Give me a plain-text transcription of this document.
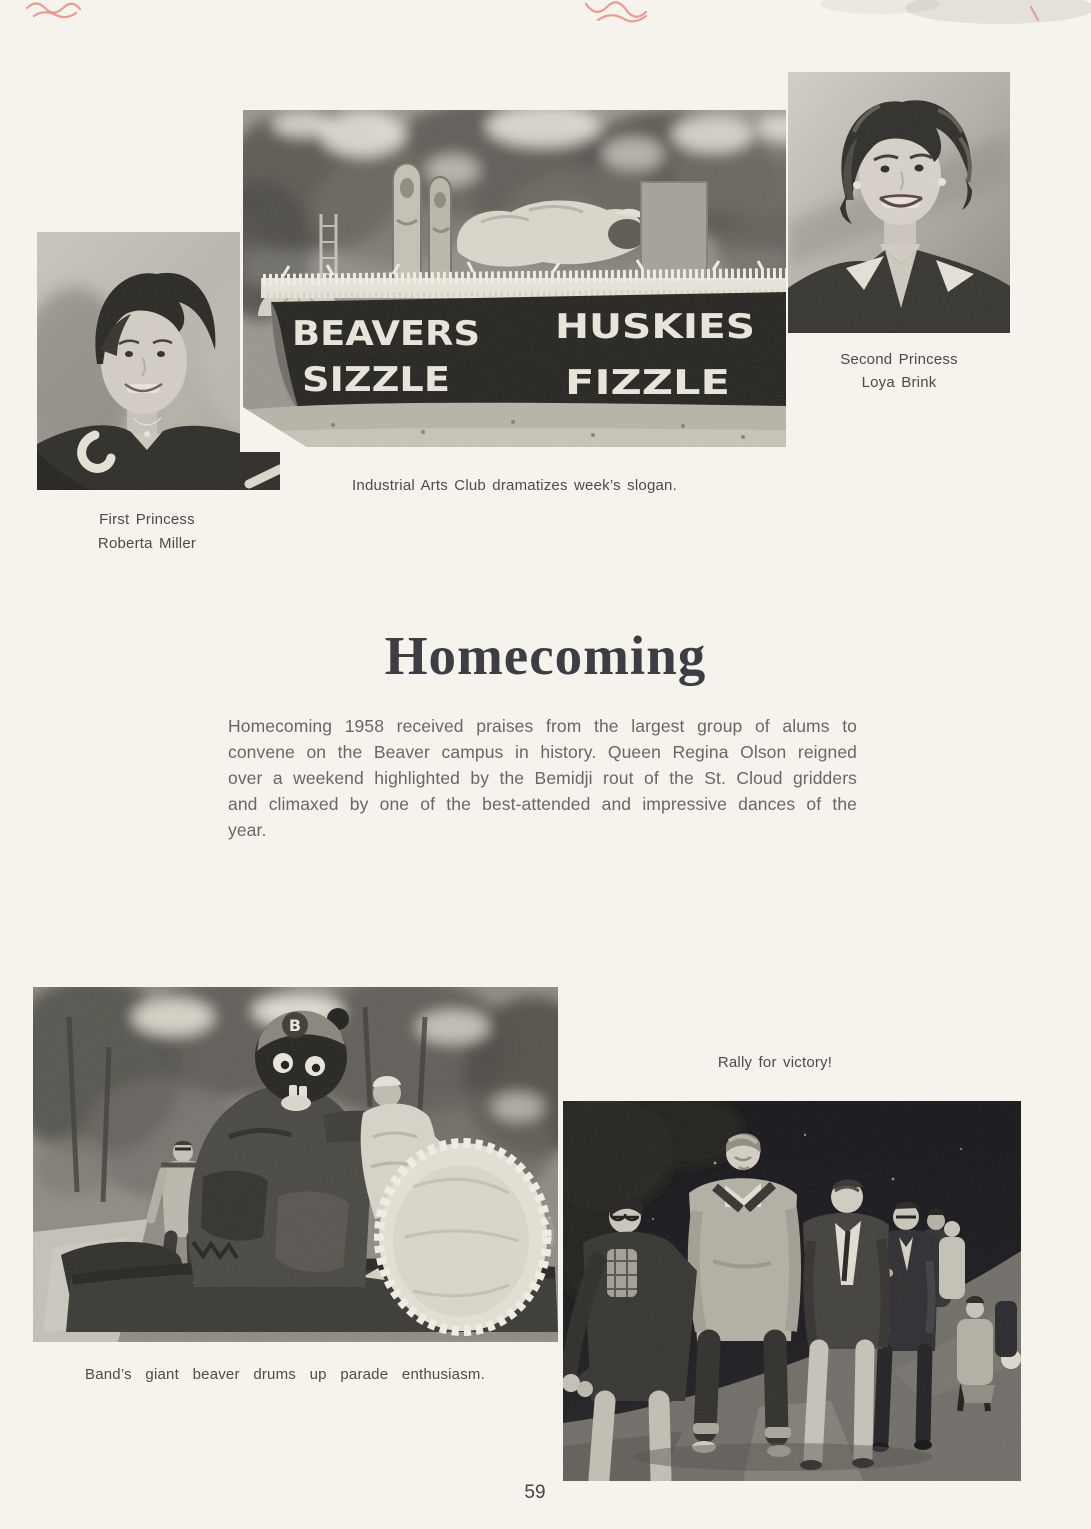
First Princess
Roberta Miller
Industrial Arts Club dramatizes week’s slogan.
Second Princess
Loya Brink
Homecoming
Homecoming 1958 received praises from the largest group of alums to convene on the Beaver campus in history. Queen Regina Olson reigned over a weekend highlighted by the Bemidji rout of the St. Cloud gridders and climaxed by one of the best-attended and impressive dances of the year.
Band’s giant beaver drums up parade enthusiasm.
Rally for victory!
59
